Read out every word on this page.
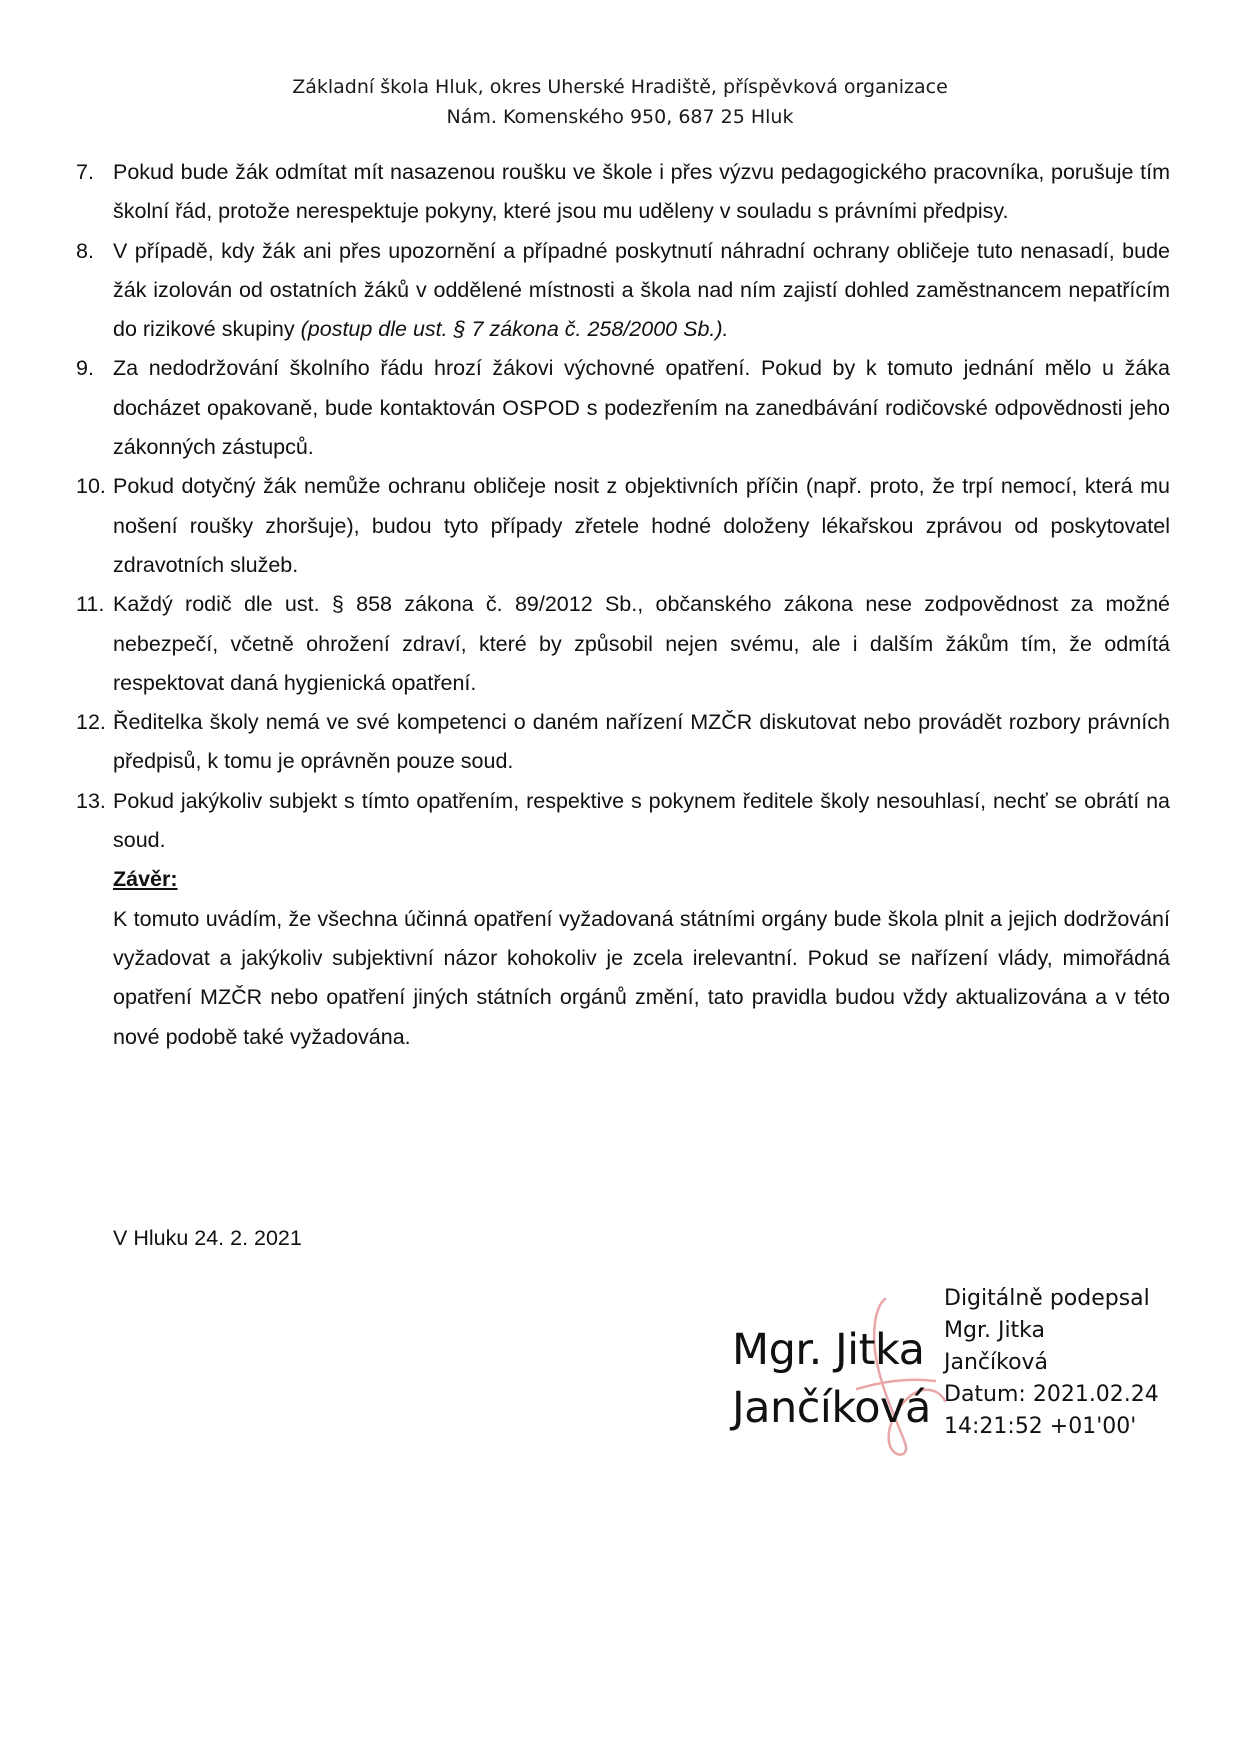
Základní škola Hluk, okres Uherské Hradiště, příspěvková organizace
Nám. Komenského 950, 687 25 Hluk
7. Pokud bude žák odmítat mít nasazenou roušku ve škole i přes výzvu pedagogického pracovníka, porušuje tím školní řád, protože nerespektuje pokyny, které jsou mu uděleny v souladu s právními předpisy.
8. V případě, kdy žák ani přes upozornění a případné poskytnutí náhradní ochrany obličeje tuto nenasadí, bude žák izolován od ostatních žáků v oddělené místnosti a škola nad ním zajistí dohled zaměstnancem nepatřícím do rizikové skupiny (postup dle ust. § 7 zákona č. 258/2000 Sb.).
9. Za nedodržování školního řádu hrozí žákovi výchovné opatření. Pokud by k tomuto jednání mělo u žáka docházet opakovaně, bude kontaktován OSPOD s podezřením na zanedbávání rodičovské odpovědnosti jeho zákonných zástupců.
10. Pokud dotyčný žák nemůže ochranu obličeje nosit z objektivních příčin (např. proto, že trpí nemocí, která mu nošení roušky zhoršuje), budou tyto případy zřetele hodné doloženy lékařskou zprávou od poskytovatel zdravotních služeb.
11. Každý rodič dle ust. § 858 zákona č. 89/2012 Sb., občanského zákona nese zodpovědnost za možné nebezpečí, včetně ohrožení zdraví, které by způsobil nejen svému, ale i dalším žákům tím, že odmítá respektovat daná hygienická opatření.
12. Ředitelka školy nemá ve své kompetenci o daném nařízení MZČR diskutovat nebo provádět rozbory právních předpisů, k tomu je oprávněn pouze soud.
13. Pokud jakýkoliv subjekt s tímto opatřením, respektive s pokynem ředitele školy nesouhlasí, nechť se obrátí na soud.
Závěr:
K tomuto uvádím, že všechna účinná opatření vyžadovaná státními orgány bude škola plnit a jejich dodržování vyžadovat a jakýkoliv subjektivní názor kohokoliv je zcela irelevantní. Pokud se nařízení vlády, mimořádná opatření MZČR nebo opatření jiných státních orgánů změní, tato pravidla budou vždy aktualizována a v této nové podobě také vyžadována.
V Hluku 24. 2. 2021
Mgr. Jitka
Jančíková
Digitálně podepsal
Mgr. Jitka
Jančíková
Datum: 2021.02.24
14:21:52 +01'00'
